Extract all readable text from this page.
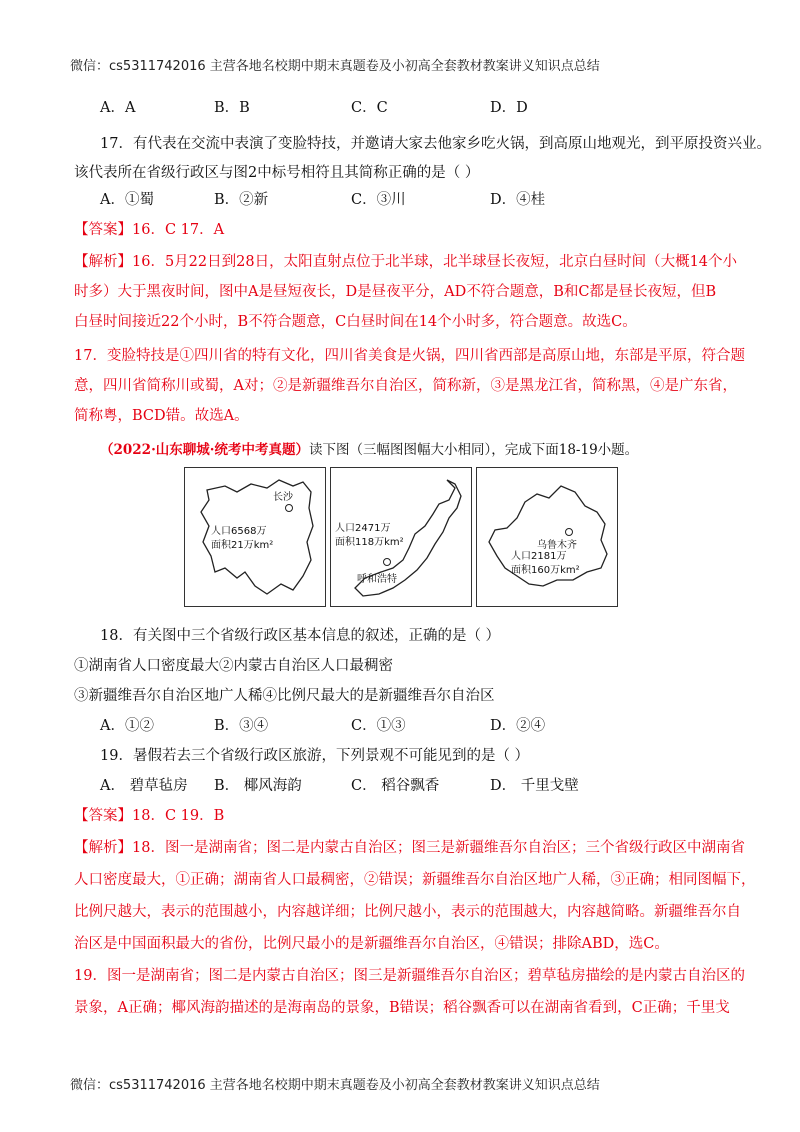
微信：cs5311742016 主营各地名校期中期末真题卷及小初高全套教材教案讲义知识点总结
A．A	B．B	C．C	D．D
17．有代表在交流中表演了变脸特技，并邀请大家去他家乡吃火锅，到高原山地观光，到平原投资兴业。
该代表所在省级行政区与图2中标号相符且其简称正确的是（ ）
A．①蜀	B．②新	C．③川	D．④桂
【答案】16．C 17．A
【解析】16．5月22日到28日，太阳直射点位于北半球，北半球昼长夜短，北京白昼时间（大概14个小
时多）大于黑夜时间，图中A是昼短夜长，D是昼夜平分，AD不符合题意，B和C都是昼长夜短，但B
白昼时间接近22个小时，B不符合题意，C白昼时间在14个小时多，符合题意。故选C。
17．变脸特技是①四川省的特有文化，四川省美食是火锅，四川省西部是高原山地，东部是平原，符合题
意，四川省简称川或蜀，A对；②是新疆维吾尔自治区，简称新，③是黑龙江省，简称黑，④是广东省，
简称粤，BCD错。故选A。
（2022·山东聊城·统考中考真题）读下图（三幅图图幅大小相同），完成下面18-19小题。
长沙
人口6568万
面积21万km²
人口2471万
面积118万km²
呼和浩特
乌鲁木齐
人口2181万
面积160万km²
18．有关图中三个省级行政区基本信息的叙述，正确的是（ ）
①湖南省人口密度最大②内蒙古自治区人口最稠密
③新疆维吾尔自治区地广人稀④比例尺最大的是新疆维吾尔自治区
A．①②	B．③④	C．①③	D．②④
19．暑假若去三个省级行政区旅游，下列景观不可能见到的是（ ）
A． 碧草毡房 B． 椰风海韵	C． 稻谷飘香	D． 千里戈壁
【答案】18．C 19．B
【解析】18．图一是湖南省；图二是内蒙古自治区；图三是新疆维吾尔自治区；三个省级行政区中湖南省
人口密度最大，①正确；湖南省人口最稠密，②错误；新疆维吾尔自治区地广人稀，③正确；相同图幅下，
比例尺越大，表示的范围越小，内容越详细；比例尺越小，表示的范围越大，内容越简略。新疆维吾尔自
治区是中国面积最大的省份，比例尺最小的是新疆维吾尔自治区，④错误；排除ABD，选C。
19．图一是湖南省；图二是内蒙古自治区；图三是新疆维吾尔自治区；碧草毡房描绘的是内蒙古自治区的
景象，A正确；椰风海韵描述的是海南岛的景象，B错误；稻谷飘香可以在湖南省看到，C正确；千里戈
微信：cs5311742016 主营各地名校期中期末真题卷及小初高全套教材教案讲义知识点总结
